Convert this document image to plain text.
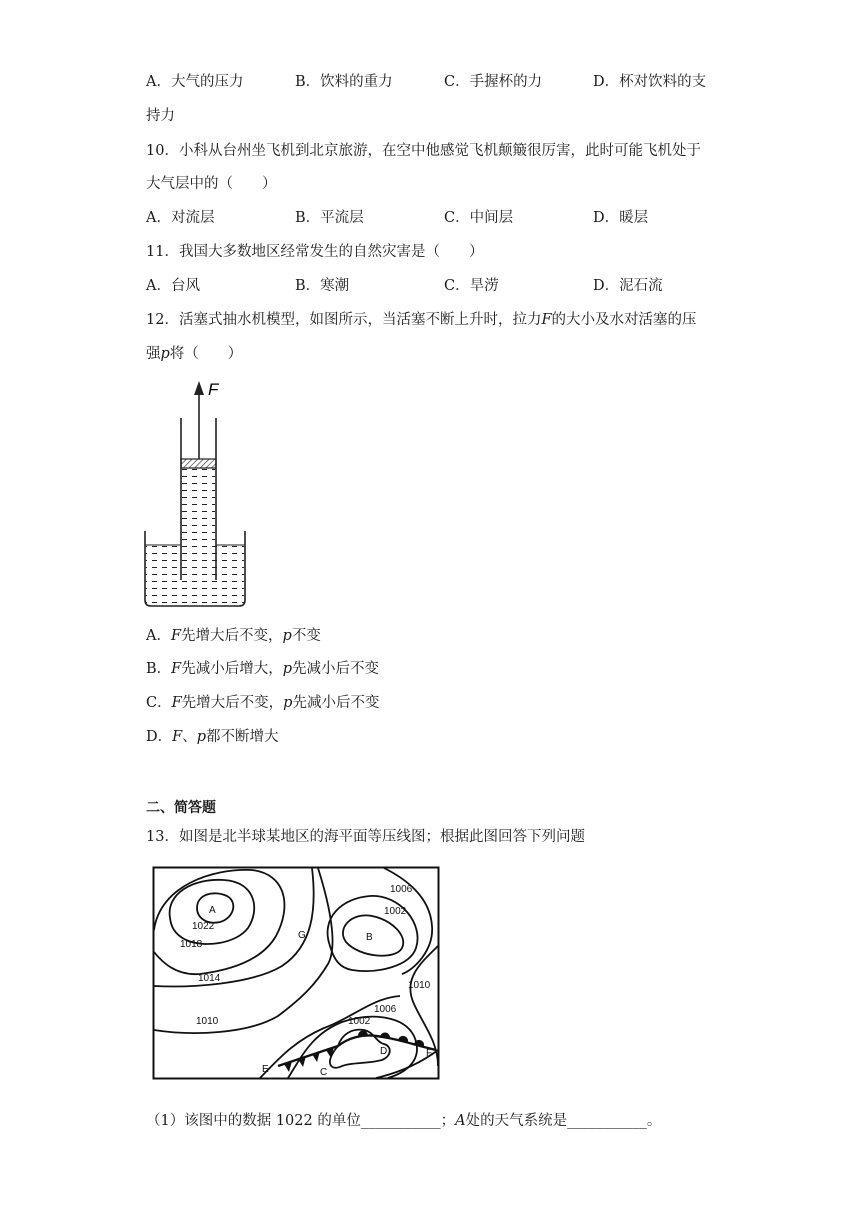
A．大气的压力	B．饮料的重力	C．手握杯的力	D．杯对饮料的支
持力
10．小科从台州坐飞机到北京旅游，在空中他感觉飞机颠簸很厉害，此时可能飞机处于
大气层中的（　　）
A．对流层	B．平流层	C．中间层	D．暖层
11．我国大多数地区经常发生的自然灾害是（　　）
A．台风	B．寒潮	C．旱涝	D．泥石流
12．活塞式抽水机模型，如图所示，当活塞不断上升时，拉力F的大小及水对活塞的压
强p将（　　）
F
A．F先增大后不变，p不变
B．F先减小后增大，p先减小后不变
C．F先增大后不变，p先减小后不变
D．F、p都不断增大
二、简答题
13．如图是北半球某地区的海平面等压线图；根据此图回答下列问题
A
1022
1018
1014
1010
G	B
1006
1002
1010
1006
1002
D	F
C
E
（1）该图中的数据 1022 的单位___________；A处的天气系统是___________。
